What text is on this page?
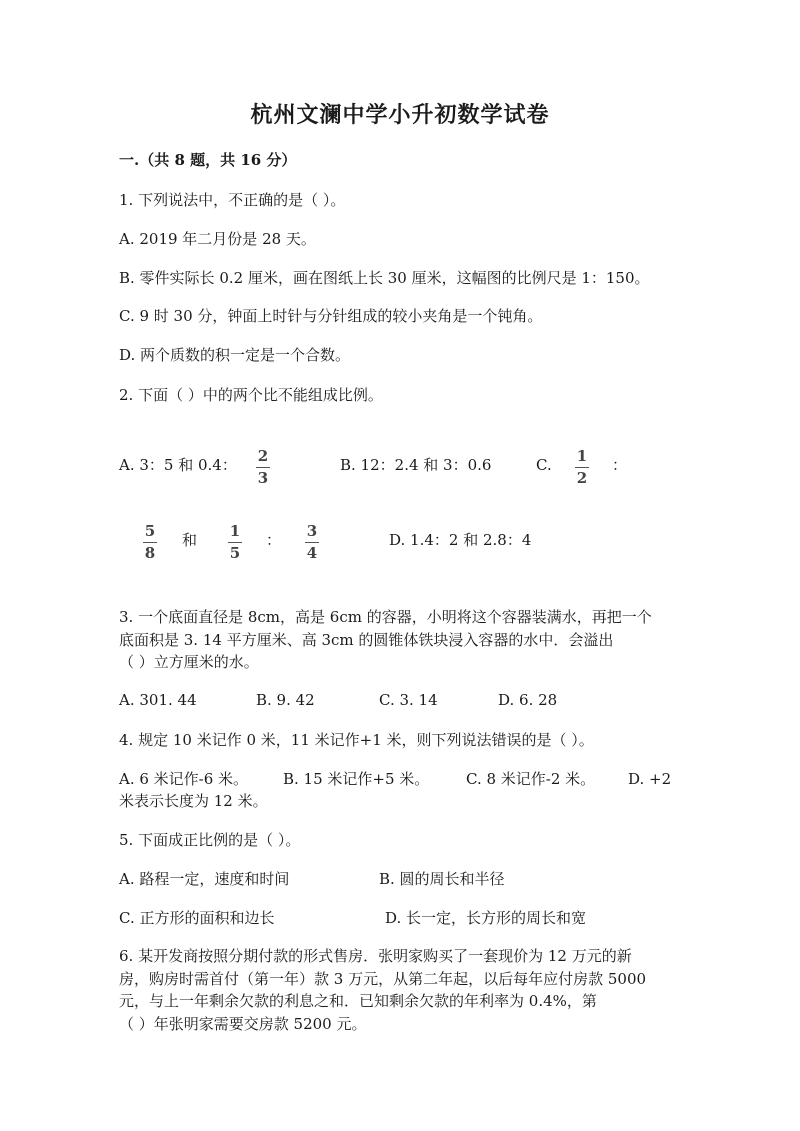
杭州文澜中学小升初数学试卷
一.（共 8 题，共 16 分）
1. 下列说法中，不正确的是（ ）。
A. 2019 年二月份是 28 天。
B. 零件实际长 0.2 厘米，画在图纸上长 30 厘米，这幅图的比例尺是 1：150。
C. 9 时 30 分，钟面上时针与分针组成的较小夹角是一个钝角。
D. 两个质数的积一定是一个合数。
2. 下面（ ）中的两个比不能组成比例。
A. 3：5 和 0.4： 2
3
B. 12：2.4 和 3：0.6	C. 1
2
：
5
8
和 1
5
： 3
4
D. 1.4：2 和 2.8：4
3. 一个底面直径是 8cm，高是 6cm 的容器，小明将这个容器装满水，再把一个
底面积是 3. 14 平方厘米、高 3cm 的圆锥体铁块浸入容器的水中．会溢出
（ ）立方厘米的水。
A. 301. 44	B. 9. 42	C. 3. 14	D. 6. 28
4. 规定 10 米记作 0 米，11 米记作+1 米，则下列说法错误的是（ ）。
A. 6 米记作-6 米。 B. 15 米记作+5 米。 C. 8 米记作-2 米。 D. +2
米表示长度为 12 米。
5. 下面成正比例的是（ ）。
A. 路程一定，速度和时间	B. 圆的周长和半径
C. 正方形的面积和边长	D. 长一定，长方形的周长和宽
6. 某开发商按照分期付款的形式售房．张明家购买了一套现价为 12 万元的新
房，购房时需首付（第一年）款 3 万元，从第二年起，以后每年应付房款 5000
元，与上一年剩余欠款的利息之和．已知剩余欠款的年利率为 0.4%，第
（ ）年张明家需要交房款 5200 元。
